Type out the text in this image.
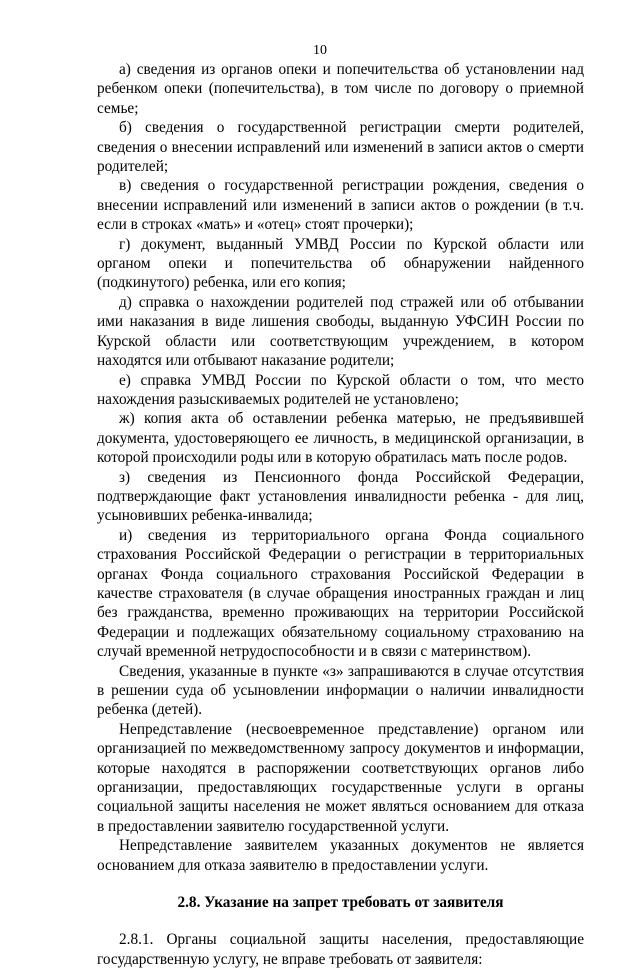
10

а) сведения из органов опеки и попечительства об установлении над ребенком опеки (попечительства), в том числе по договору о приемной семье;

б) сведения о государственной регистрации смерти родителей, сведения о внесении исправлений или изменений в записи актов о смерти родителей;

в) сведения о государственной регистрации рождения, сведения о внесении исправлений или изменений в записи актов о рождении (в т.ч. если в строках «мать» и «отец» стоят прочерки);

г) документ, выданный УМВД России по Курской области или органом опеки и попечительства об обнаружении найденного (подкинутого) ребенка, или его копия;

д) справка о нахождении родителей под стражей или об отбывании ими наказания в виде лишения свободы, выданную УФСИН России по Курской области или соответствующим учреждением, в котором находятся или отбывают наказание родители;

е) справка УМВД России по Курской области о том, что место нахождения разыскиваемых родителей не установлено;

ж) копия акта об оставлении ребенка матерью, не предъявившей документа, удостоверяющего ее личность, в медицинской организации, в которой происходили роды или в которую обратилась мать после родов.

з) сведения из Пенсионного фонда Российской Федерации, подтверждающие факт установления инвалидности ребенка - для лиц, усыновивших ребенка-инвалида;

и) сведения из территориального органа Фонда социального страхования Российской Федерации о регистрации в территориальных органах Фонда социального страхования Российской Федерации в качестве страхователя (в случае обращения иностранных граждан и лиц без гражданства, временно проживающих на территории Российской Федерации и подлежащих обязательному социальному страхованию на случай временной нетрудоспособности и в связи с материнством).

Сведения, указанные в пункте «з» запрашиваются в случае отсутствия в решении суда об усыновлении информации о наличии инвалидности ребенка (детей).

Непредставление (несвоевременное представление) органом или организацией по межведомственному запросу документов и информации, которые находятся в распоряжении соответствующих органов либо организации, предоставляющих государственные услуги в органы социальной защиты населения не может являться основанием для отказа в предоставлении заявителю государственной услуги.

Непредставление заявителем указанных документов не является основанием для отказа заявителю в предоставлении услуги.

2.8. Указание на запрет требовать от заявителя

2.8.1. Органы социальной защиты населения, предоставляющие государственную услугу, не вправе требовать от заявителя:
